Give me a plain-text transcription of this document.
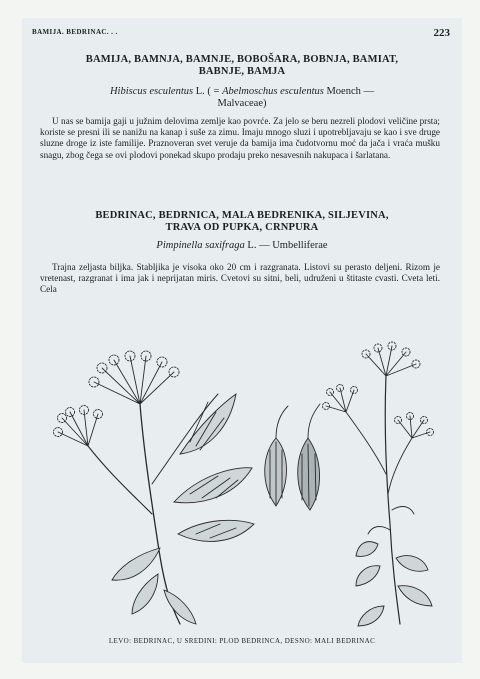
BAMIJA. BEDRINAC. . .	223
BAMIJA, BAMNJA, BAMNJE, BOBOŠARA, BOBNJA, BAMIAT,
BABNJE, BAMJA
Hibiscus esculentus L. ( = Abelmoschus esculentus Moench —
Malvaceae)
U nas se bamija gaji u južnim delovima zemlje kao povrće. Za jelo se beru nezreli plodovi veličine prsta; koriste se presni ili se nanižu na kanap i suše za zimu. Imaju mnogo sluzi i upotrebljavaju se kao i sve druge sluzne droge iz iste familije. Praznoveran svet veruje da bamija ima čudotvornu moć da jača i vraća mušku snagu, zbog čega se ovi plodovi ponekad skupo prodaju preko nesavesnih nakupaca i šarlatana.
BEDRINAC, BEDRNICA, MALA BEDRENIKA, SILJEVINA,
TRAVA OD PUPKA, CRNPURA
Pimpinella saxifraga L. — Umbelliferae
Trajna zeljasta biljka. Stabljika je visoka oko 20 cm i razgranata. Listovi su perasto deljeni. Rizom je vretenast, razgranat i ima jak i neprijatan miris. Cvetovi su sitni, beli, udruženi u štitaste cvasti. Cveta leti. Cela
LEVO: BEDRINAC, U SREDINI: PLOD BEDRINCA, DESNO: MALI BEDRINAC
